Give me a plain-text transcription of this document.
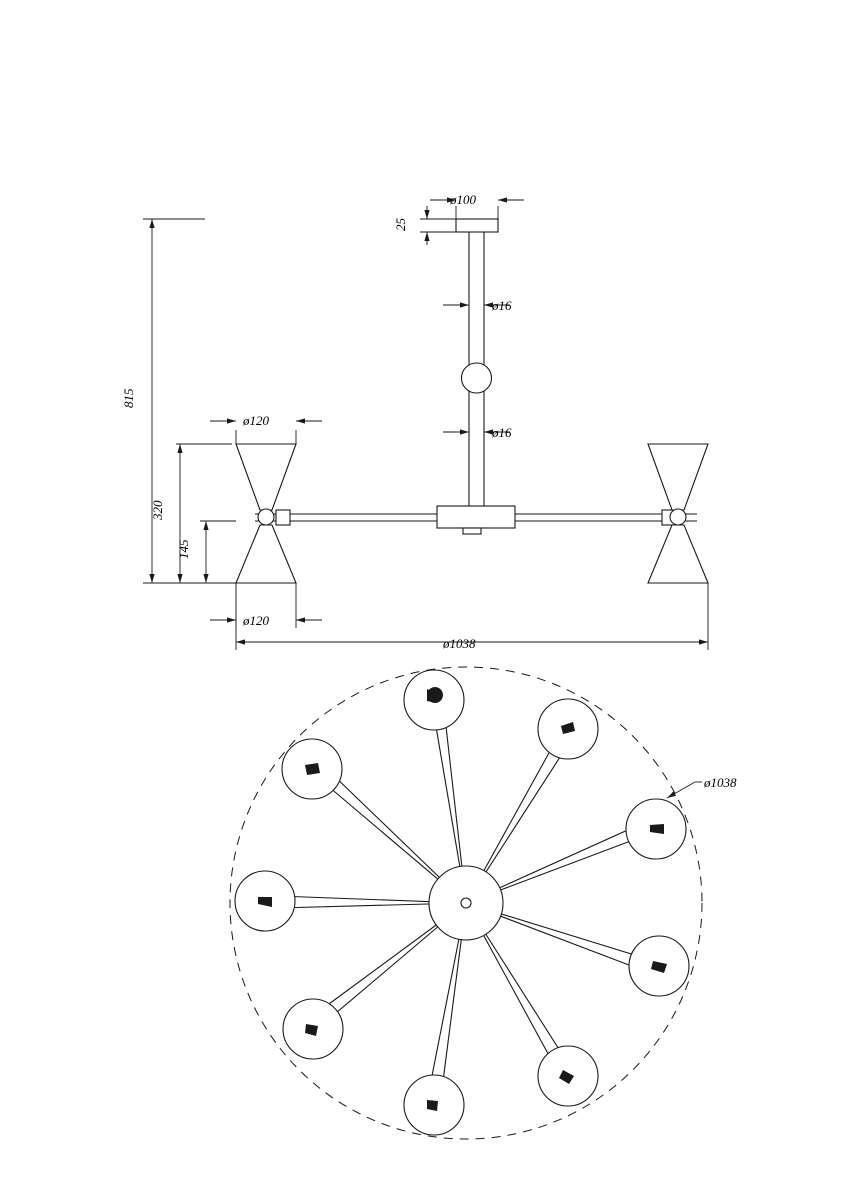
ø100
25
ø16
ø16
815
320
145
ø120
ø120
ø1038
ø1038
